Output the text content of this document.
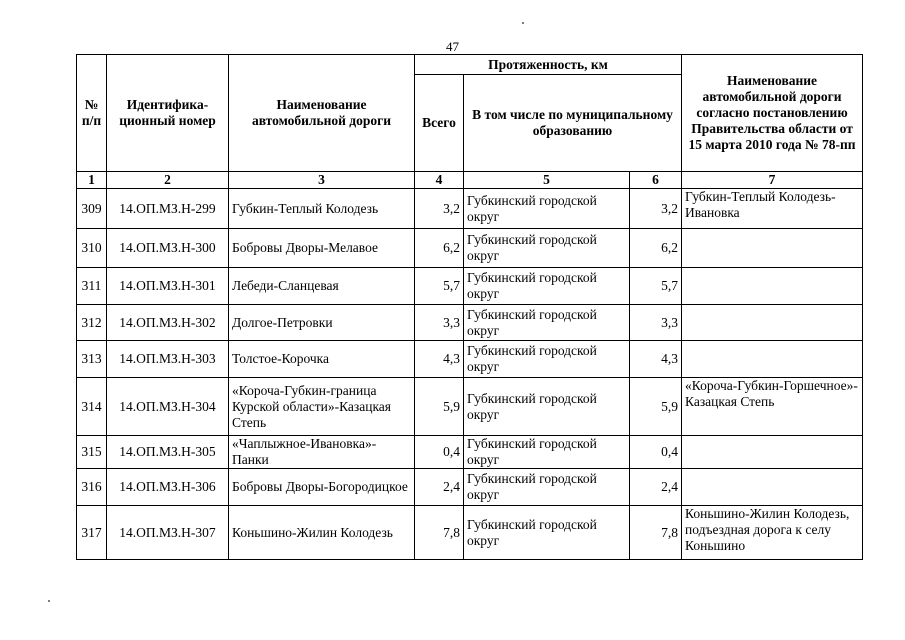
47
№ п/п	Идентифика-ционный номер	Наименование автомобильной дороги	Протяженность, км			Наименование автомобильной дороги согласно постановлению Правительства области от 15 марта 2010 года № 78-пп
			Всего	В том числе по муниципальному образованию		
1	2	3	4	5	6	7
309	14.ОП.МЗ.Н-299	Губкин-Теплый Колодезь	3,2	Губкинский городской округ	3,2	Губкин-Теплый Колодезь-Ивановка
310	14.ОП.МЗ.Н-300	Бобровы Дворы-Мелавое	6,2	Губкинский городской округ	6,2	
311	14.ОП.МЗ.Н-301	Лебеди-Сланцевая	5,7	Губкинский городской округ	5,7	
312	14.ОП.МЗ.Н-302	Долгое-Петровки	3,3	Губкинский городской округ	3,3	
313	14.ОП.МЗ.Н-303	Толстое-Корочка	4,3	Губкинский городской округ	4,3	
314	14.ОП.МЗ.Н-304	«Короча-Губкин-граница Курской области»-Казацкая Степь	5,9	Губкинский городской округ	5,9	«Короча-Губкин-Горшечное»-Казацкая Степь
315	14.ОП.МЗ.Н-305	«Чаплыжное-Ивановка»-Панки	0,4	Губкинский городской округ	0,4	
316	14.ОП.МЗ.Н-306	Бобровы Дворы-Богородицкое	2,4	Губкинский городской округ	2,4	
317	14.ОП.МЗ.Н-307	Коньшино-Жилин Колодезь	7,8	Губкинский городской округ	7,8	Коньшино-Жилин Колодезь, подъездная дорога к селу Коньшино
